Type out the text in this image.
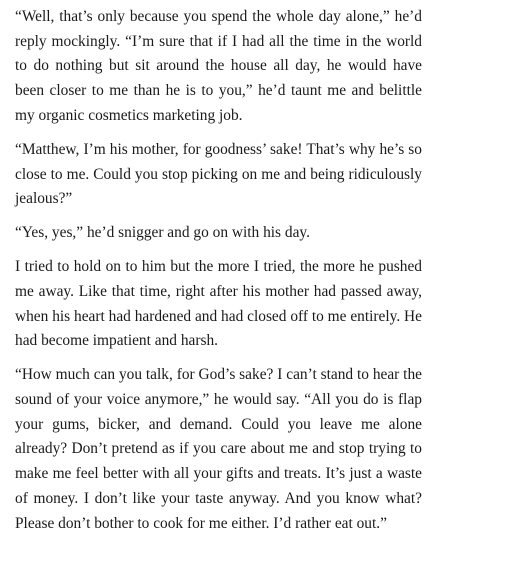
“Well, that’s only because you spend the whole day alone,” he’d reply mockingly. “I’m sure that if I had all the time in the world to do nothing but sit around the house all day, he would have been closer to me than he is to you,” he’d taunt me and belittle my organic cosmetics marketing job.

“Matthew, I’m his mother, for goodness’ sake! That’s why he’s so close to me. Could you stop picking on me and being ridiculously jealous?”

“Yes, yes,” he’d snigger and go on with his day.

I tried to hold on to him but the more I tried, the more he pushed me away. Like that time, right after his mother had passed away, when his heart had hardened and had closed off to me entirely. He had become impatient and harsh.

“How much can you talk, for God’s sake? I can’t stand to hear the sound of your voice anymore,” he would say. “All you do is flap your gums, bicker, and demand. Could you leave me alone already? Don’t pretend as if you care about me and stop trying to make me feel better with all your gifts and treats. It’s just a waste of money. I don’t like your taste anyway. And you know what? Please don’t bother to cook for me either. I’d rather eat out.”
